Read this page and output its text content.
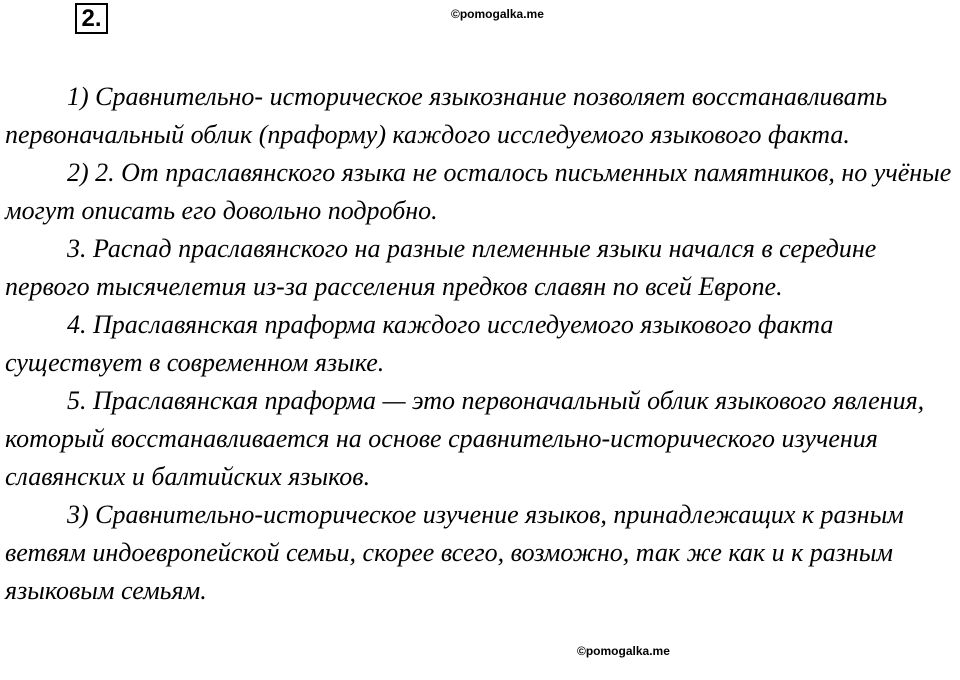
2.	©pomogalka.me

1) Сравнительно- историческое языкознание позволяет восстанавливать первоначальный облик (праформу) каждого исследуемого языкового факта.

2) 2. От праславянского языка не осталось письменных памятников, но учёные могут описать его довольно подробно.

3. Распад праславянского на разные племенные языки начался в середине первого тысячелетия из-за расселения предков славян по всей Европе.

4. Праславянская праформа каждого исследуемого языкового факта существует в современном языке.

5. Праславянская праформа — это первоначальный облик языкового явления, который восстанавливается на основе сравнительно-исторического изучения славянских и балтийских языков.

3) Сравнительно-историческое изучение языков, принадлежащих к разным ветвям индоевропейской семьи, скорее всего, возможно, так же как и к разным языковым семьям.

©pomogalka.me
